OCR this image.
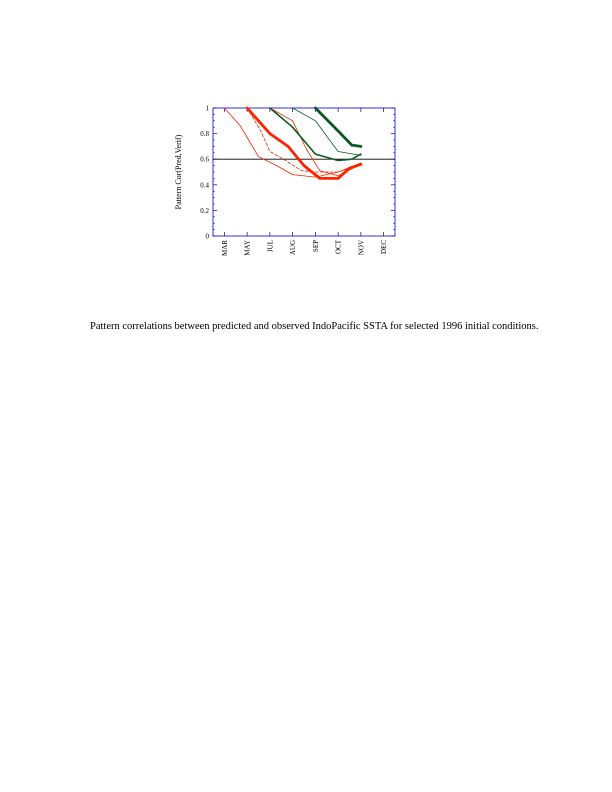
0
0.2
0.4
0.6
0.8
1
MAR MAY JUL AUG SEP OCT NOV DEC
Pattern Cor(Pred,Verif)
Pattern correlations between predicted and observed IndoPacific SSTA for selected 1996 initial conditions.
